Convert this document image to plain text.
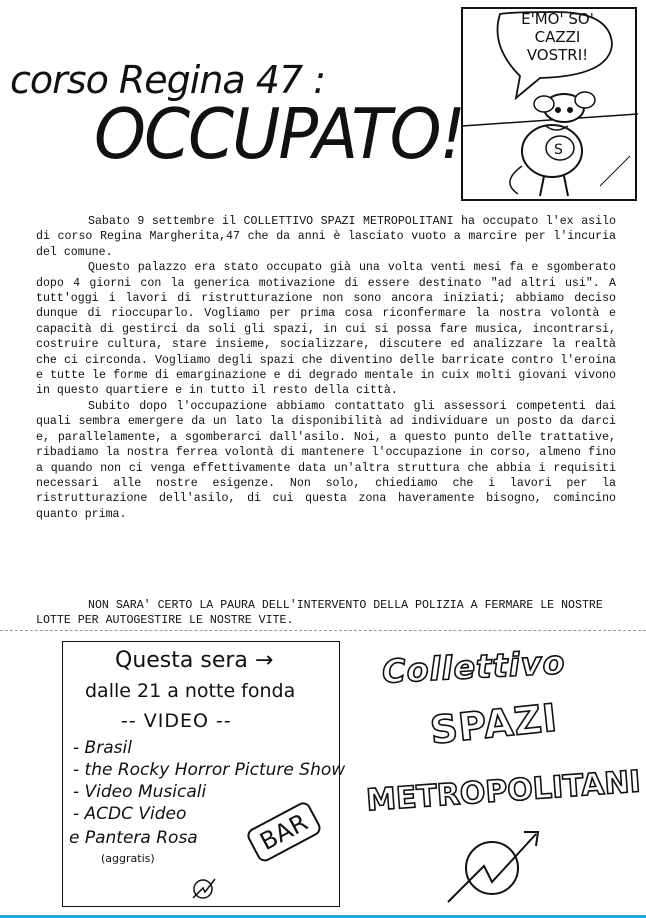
corso Regina 47 :
OCCUPATO!	S
E'MO' SO'
CAZZI
VOSTRI!

Sabato 9 settembre il COLLETTIVO SPAZI METROPOLITANI ha occupato l'ex asilo di corso Regina Margherita,47 che da anni è lasciato vuoto a marcire per l'incuria del comune.

Questo palazzo era stato occupato già una volta venti mesi fa e sgomberato dopo 4 giorni con la generica motivazione di essere destinato "ad altri usi". A tutt'oggi i lavori di ristrutturazione non sono ancora iniziati; abbiamo deciso dunque di rioccuparlo. Vogliamo per prima cosa riconfermare la nostra volontà e capacità di gestirci da soli gli spazi, in cui si possa fare musica, incontrarsi, costruire cultura, stare insieme, socializzare, discutere ed analizzare la realtà che ci circonda. Vogliamo degli spazi che diventino delle barricate contro l'eroina e tutte le forme di emarginazione e di degrado mentale in cuix molti giovani vivono in questo quartiere e in tutto il resto della città.

Subito dopo l'occupazione abbiamo contattato gli assessori competenti dai quali sembra emergere da un lato la disponibilità ad individuare un posto da darci e, parallelamente, a sgomberarci dall'asilo. Noi, a questo punto delle trattative, ribadiamo la nostra ferrea volontà di mantenere l'occupazione in corso, almeno fino a quando non ci venga effettivamente data un'altra struttura che abbia i requisiti necessari alle nostre esigenze. Non solo, chiediamo che i lavori per la ristrutturazione dell'asilo, di cui questa zona haveramente bisogno, comincino quanto prima.

NON SARA' CERTO LA PAURA DELL'INTERVENTO DELLA POLIZIA A FERMARE LE NOSTRE LOTTE PER AUTOGESTIRE LE NOSTRE VITE.

Questa sera →
dalle 21 a notte fonda
-- VIDEO --
- Brasil
- the Rocky Horror Picture Show
- Video Musicali
- ACDC Video
e Pantera Rosa
(aggratis)
BAR
Collettivo
SPAZI
METROPOLITANI
